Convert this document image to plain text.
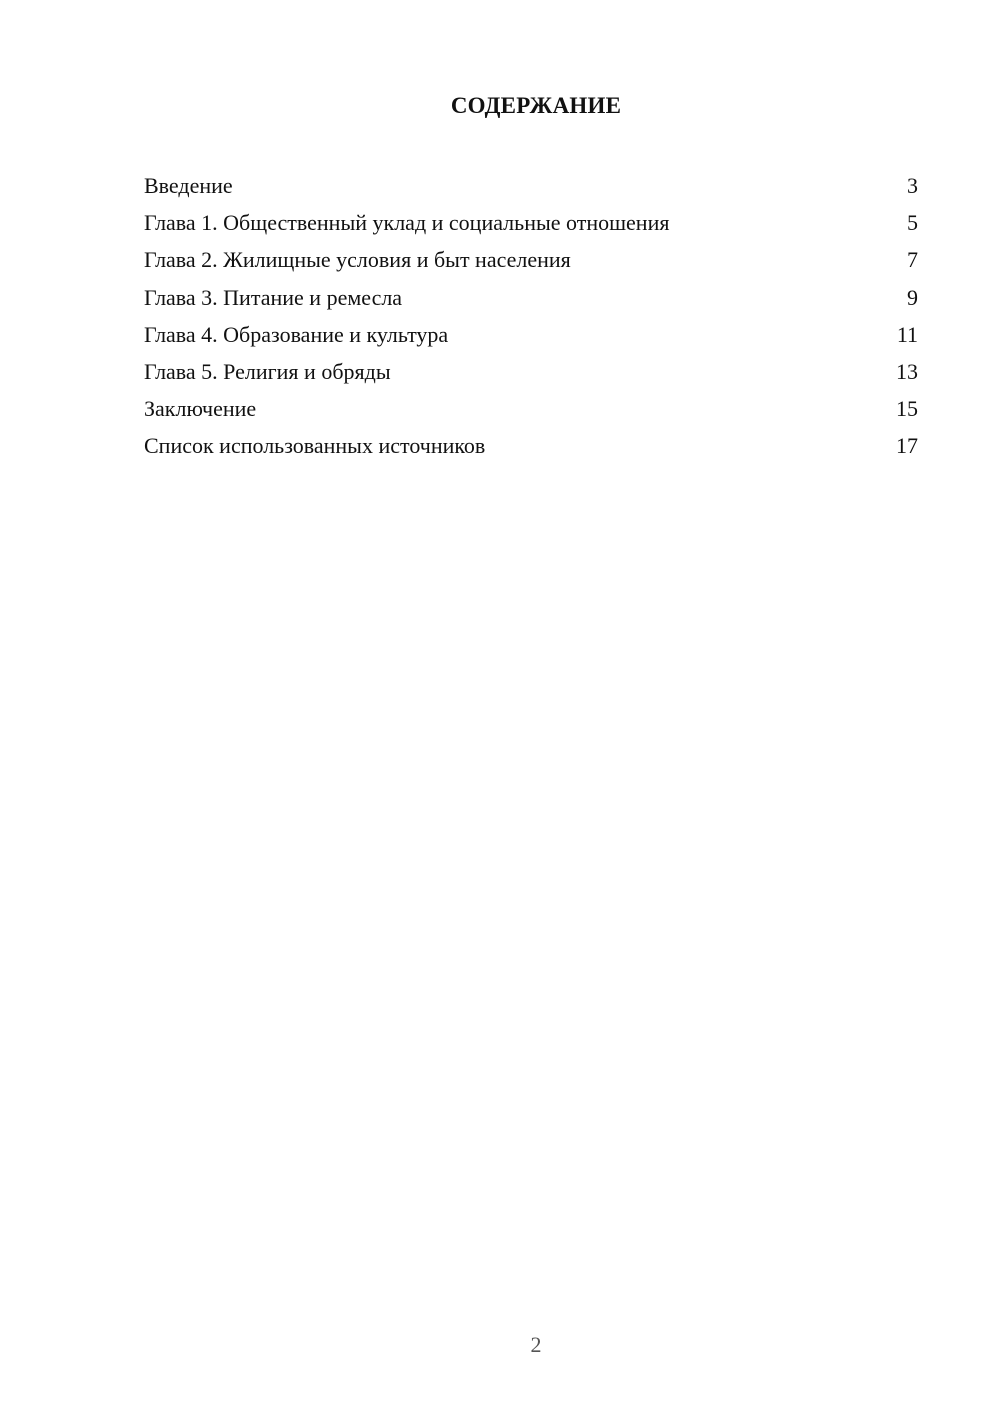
СОДЕРЖАНИЕ
Введение	3
Глава 1. Общественный уклад и социальные отношения	5
Глава 2. Жилищные условия и быт населения	7
Глава 3. Питание и ремесла	9
Глава 4. Образование и культура	11
Глава 5. Религия и обряды	13
Заключение	15
Список использованных источников	17
2
